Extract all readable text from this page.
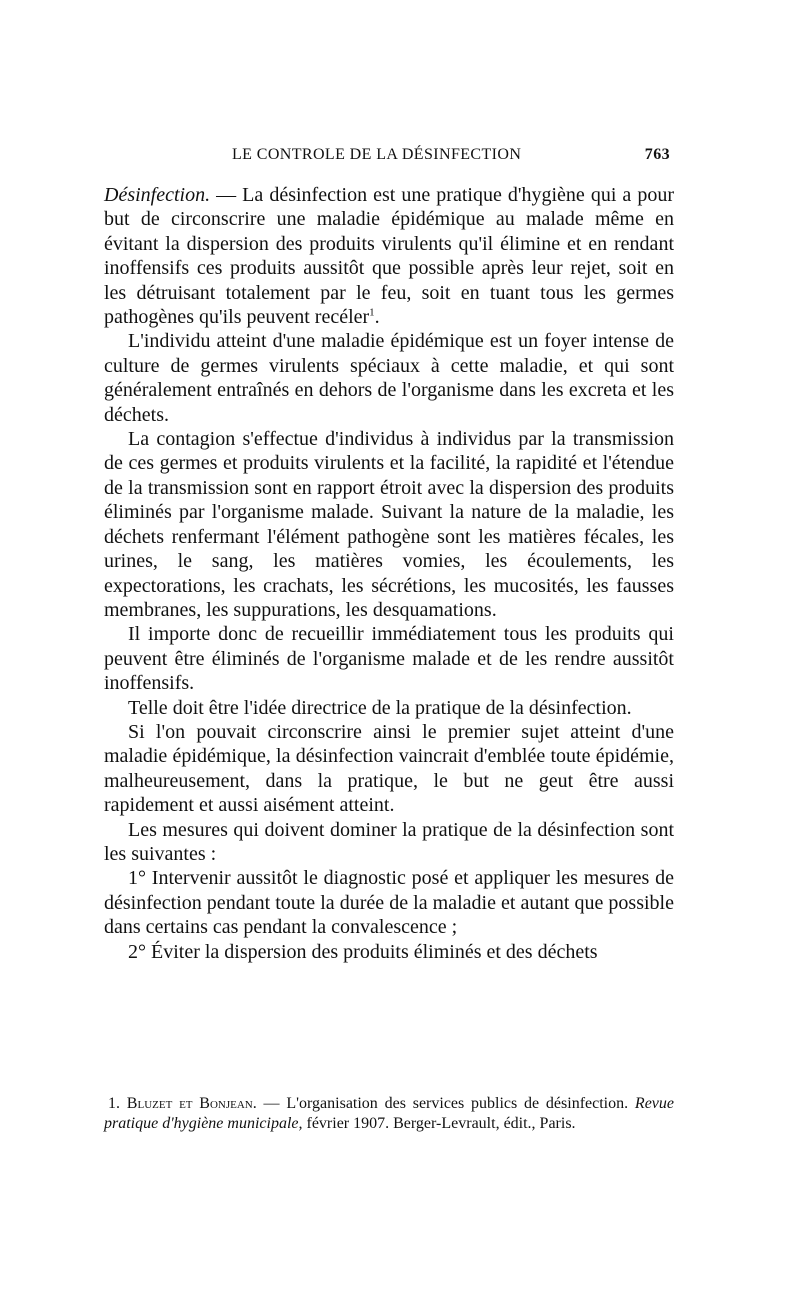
LE CONTROLE DE LA DÉSINFECTION	763

Désinfection. — La désinfection est une pratique d'hygiène qui a pour but de circonscrire une maladie épidémique au malade même en évitant la dispersion des produits virulents qu'il élimine et en rendant inoffensifs ces produits aussitôt que possible après leur rejet, soit en les détruisant totalement par le feu, soit en tuant tous les germes pathogènes qu'ils peuvent recéler$^1$.

L'individu atteint d'une maladie épidémique est un foyer intense de culture de germes virulents spéciaux à cette maladie, et qui sont généralement entraînés en dehors de l'organisme dans les excreta et les déchets.

La contagion s'effectue d'individus à individus par la transmission de ces germes et produits virulents et la facilité, la rapidité et l'étendue de la transmission sont en rapport étroit avec la dispersion des produits éliminés par l'organisme malade. Suivant la nature de la maladie, les déchets renfermant l'élément pathogène sont les matières fécales, les urines, le sang, les matières vomies, les écoulements, les expectorations, les crachats, les sécrétions, les mucosités, les fausses membranes, les suppurations, les desquamations.

Il importe donc de recueillir immédiatement tous les produits qui peuvent être éliminés de l'organisme malade et de les rendre aussitôt inoffensifs.

Telle doit être l'idée directrice de la pratique de la désinfection.

Si l'on pouvait circonscrire ainsi le premier sujet atteint d'une maladie épidémique, la désinfection vaincrait d'emblée toute épidémie, malheureusement, dans la pratique, le but ne geut être aussi rapidement et aussi aisément atteint.

Les mesures qui doivent dominer la pratique de la désinfection sont les suivantes :

1° Intervenir aussitôt le diagnostic posé et appliquer les mesures de désinfection pendant toute la durée de la maladie et autant que possible dans certains cas pendant la convalescence ;

2° Éviter la dispersion des produits éliminés et des déchets

1. Bluzet et Bonjean. — L'organisation des services publics de désinfection. Revue pratique d'hygiène municipale, février 1907. Berger-Levrault, édit., Paris.
